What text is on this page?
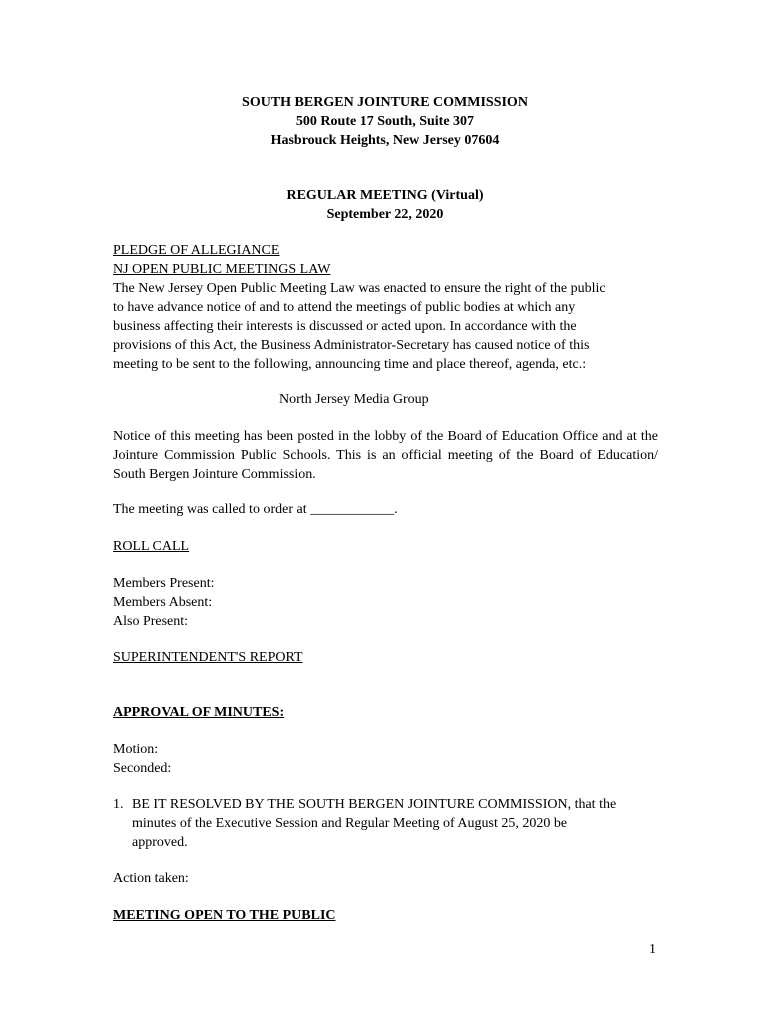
SOUTH BERGEN JOINTURE COMMISSION
500 Route 17 South, Suite 307
Hasbrouck Heights, New Jersey 07604
REGULAR MEETING (Virtual)
September 22, 2020
PLEDGE OF ALLEGIANCE
NJ OPEN PUBLIC MEETINGS LAW
The New Jersey Open Public Meeting Law was enacted to ensure the right of the public
to have advance notice of and to attend the meetings of public bodies at which any
business affecting their interests is discussed or acted upon. In accordance with the
provisions of this Act, the Business Administrator-Secretary has caused notice of this
meeting to be sent to the following, announcing time and place thereof, agenda, etc.:
North Jersey Media Group
Notice of this meeting has been posted in the lobby of the Board of Education Office and at the Jointure Commission Public Schools. This is an official meeting of the Board of Education/ South Bergen Jointure Commission.
The meeting was called to order at ____________.
ROLL CALL
Members Present:
Members Absent:
Also Present:
SUPERINTENDENT'S REPORT
APPROVAL OF MINUTES:
Motion:
Seconded:
1. BE IT RESOLVED BY THE SOUTH BERGEN JOINTURE COMMISSION, that the
minutes of the Executive Session and Regular Meeting of August 25, 2020 be
approved.
Action taken:
MEETING OPEN TO THE PUBLIC
1
